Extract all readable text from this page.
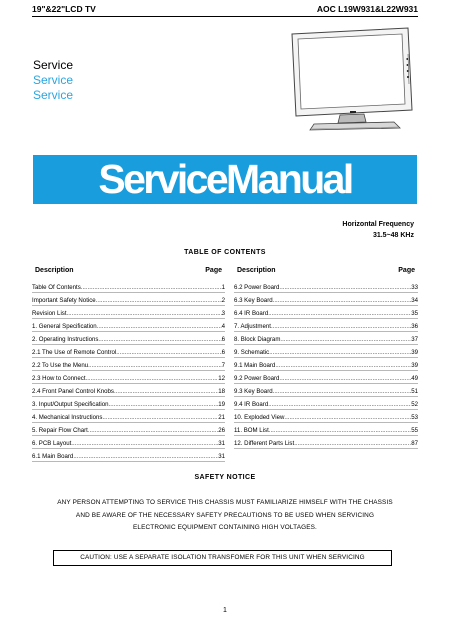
19"&22"LCD TV	AOC L19W931&L22W931
Service
Service
Service
ServiceManual
Horizontal Frequency
31.5~48 KHz
TABLE OF CONTENTS
Description	Page
Table Of Contents .....	1
Important Safety Notice .....	2
Revision List .....	3
1. General Specification .....	4
2. Operating Instructions .....	6
2.1 The Use of Remote Control .....	6
2.2 To Use the Menu .....	7
2.3 How to Connect .....	12
2.4 Front Panel Control Knobs .....	18
3. Input/Output Specification .....	19
4. Mechanical Instructions .....	21
5. Repair Flow Chart .....	26
6. PCB Layout .....	31
6.1 Main Board .....	31
Description	Page
6.2 Power Board .....	33
6.3 Key Board .....	34
6.4 IR Board .....	35
7. Adjustment .....	36
8. Block Diagram .....	37
9. Schematic .....	39
9.1 Main Board .....	39
9.2 Power Board .....	49
9.3 Key Board .....	51
9.4 IR Board .....	52
10. Exploded View .....	53
11. BOM List .....	55
12. Different Parts List .....	87
SAFETY NOTICE
ANY PERSON ATTEMPTING TO SERVICE THIS CHASSIS MUST FAMILIARIZE HIMSELF WITH THE CHASSIS
AND BE AWARE OF THE NECESSARY SAFETY PRECAUTIONS TO BE USED WHEN SERVICING
ELECTRONIC EQUIPMENT CONTAINING HIGH VOLTAGES.
CAUTION: USE A SEPARATE ISOLATION TRANSFOMER FOR THIS UNIT WHEN SERVICING
1
